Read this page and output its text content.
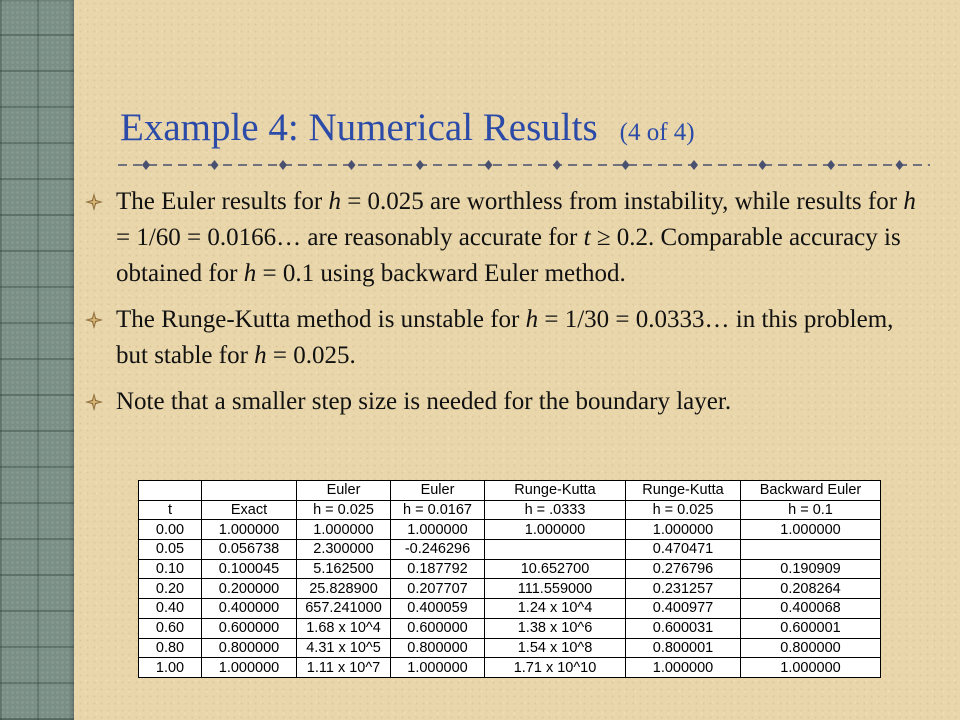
Example 4: Numerical Results (4 of 4)
The Euler results for h = 0.025 are worthless from instability, while results for h = 1/60 = 0.0166… are reasonably accurate for t ≥ 0.2. Comparable accuracy is obtained for h = 0.1 using backward Euler method.
The Runge-Kutta method is unstable for h = 1/30 = 0.0333… in this problem, but stable for h = 0.025.
Note that a smaller step size is needed for the boundary layer.
		Euler	Euler	Runge-Kutta	Runge-Kutta	Backward Euler
t	Exact	h = 0.025	h = 0.0167	h = .0333	h = 0.025	h = 0.1
0.00	1.000000	1.000000	1.000000	1.000000	1.000000	1.000000
0.05	0.056738	2.300000	-0.246296		0.470471	
0.10	0.100045	5.162500	0.187792	10.652700	0.276796	0.190909
0.20	0.200000	25.828900	0.207707	111.559000	0.231257	0.208264
0.40	0.400000	657.241000	0.400059	1.24 x 10^4	0.400977	0.400068
0.60	0.600000	1.68 x 10^4	0.600000	1.38 x 10^6	0.600031	0.600001
0.80	0.800000	4.31 x 10^5	0.800000	1.54 x 10^8	0.800001	0.800000
1.00	1.000000	1.11 x 10^7	1.000000	1.71 x 10^10	1.000000	1.000000
